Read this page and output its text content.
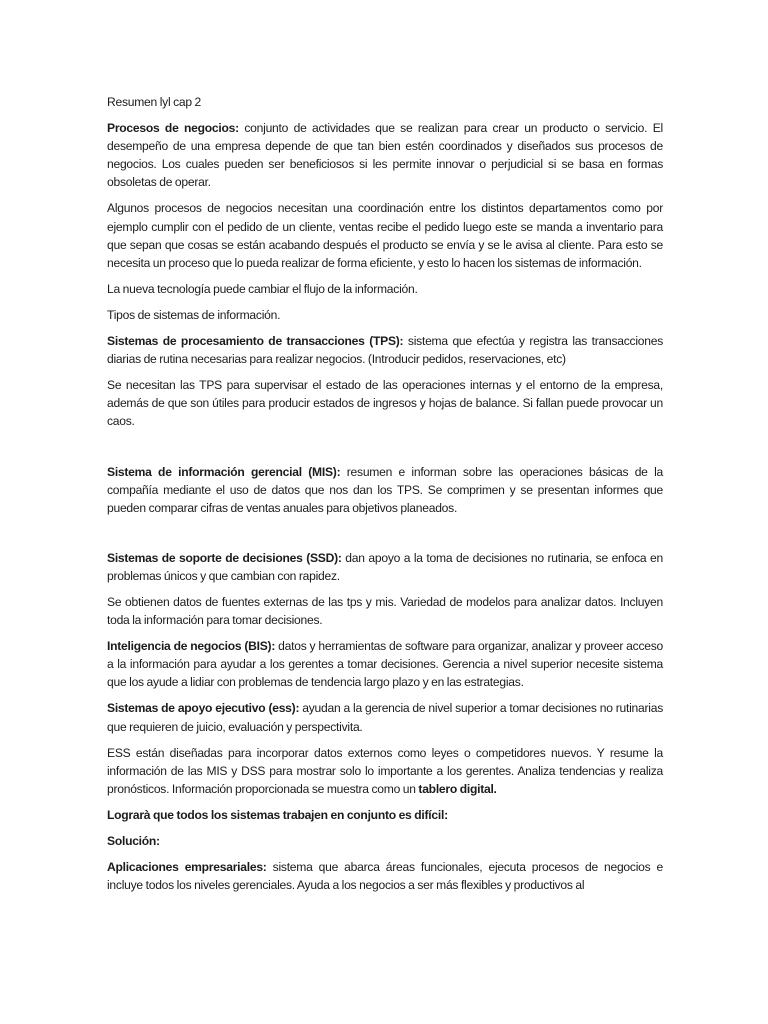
Resumen lyl cap 2

Procesos de negocios: conjunto de actividades que se realizan para crear un producto o servicio. El desempeño de una empresa depende de que tan bien estén coordinados y diseñados sus procesos de negocios. Los cuales pueden ser beneficiosos si les permite innovar o perjudicial si se basa en formas obsoletas de operar.

Algunos procesos de negocios necesitan una coordinación entre los distintos departamentos como por ejemplo cumplir con el pedido de un cliente, ventas recibe el pedido luego este se manda a inventario para que sepan que cosas se están acabando después el producto se envía y se le avisa al cliente. Para esto se necesita un proceso que lo pueda realizar de forma eficiente, y esto lo hacen los sistemas de información.

La nueva tecnología puede cambiar el flujo de la información.

Tipos de sistemas de información.

Sistemas de procesamiento de transacciones (TPS): sistema que efectúa y registra las transacciones diarias de rutina necesarias para realizar negocios. (Introducir pedidos, reservaciones, etc)

Se necesitan las TPS para supervisar el estado de las operaciones internas y el entorno de la empresa, además de que son útiles para producir estados de ingresos y hojas de balance. Si fallan puede provocar un caos.

Sistema de información gerencial (MIS): resumen e informan sobre las operaciones básicas de la compañía mediante el uso de datos que nos dan los TPS. Se comprimen y se presentan informes que pueden comparar cifras de ventas anuales para objetivos planeados.

Sistemas de soporte de decisiones (SSD): dan apoyo a la toma de decisiones no rutinaria, se enfoca en problemas únicos y que cambian con rapidez.

Se obtienen datos de fuentes externas de las tps y mis. Variedad de modelos para analizar datos. Incluyen toda la información para tomar decisiones.

Inteligencia de negocios (BIS): datos y herramientas de software para organizar, analizar y proveer acceso a la información para ayudar a los gerentes a tomar decisiones. Gerencia a nivel superior necesite sistema que los ayude a lidiar con problemas de tendencia largo plazo y en las estrategias.

Sistemas de apoyo ejecutivo (ess): ayudan a la gerencia de nivel superior a tomar decisiones no rutinarias que requieren de juicio, evaluación y perspectivita.

ESS están diseñadas para incorporar datos externos como leyes o competidores nuevos. Y resume la información de las MIS y DSS para mostrar solo lo importante a los gerentes. Analiza tendencias y realiza pronósticos. Información proporcionada se muestra como un tablero digital.

Lograrà que todos los sistemas trabajen en conjunto es difícil:

Solución:

Aplicaciones empresariales: sistema que abarca áreas funcionales, ejecuta procesos de negocios e incluye todos los niveles gerenciales. Ayuda a los negocios a ser más flexibles y productivos al
